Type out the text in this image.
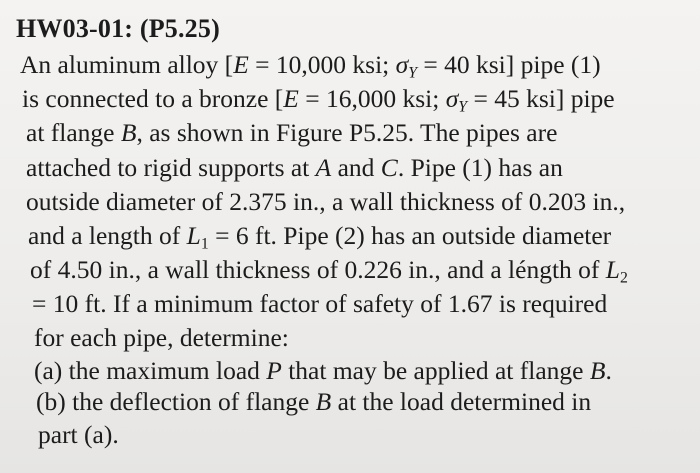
HW03-01: (P5.25)
An aluminum alloy [E = 10,000 ksi; $\sigma_Y = 40$ ksi] pipe (1)
is connected to a bronze [E = 16,000 ksi; $\sigma_Y = 45$ ksi] pipe
at flange B, as shown in Figure P5.25. The pipes are
attached to rigid supports at A and C. Pipe (1) has an
outside diameter of 2.375 in., a wall thickness of 0.203 in.,
and a length of $L_1 = 6$ ft. Pipe (2) has an outside diameter
of 4.50 in., a wall thickness of 0.226 in., and a léngth of $L_2$
= 10 ft. If a minimum factor of safety of 1.67 is required
for each pipe, determine:
(a) the maximum load P that may be applied at flange B.
(b) the deflection of flange B at the load determined in
part (a).
